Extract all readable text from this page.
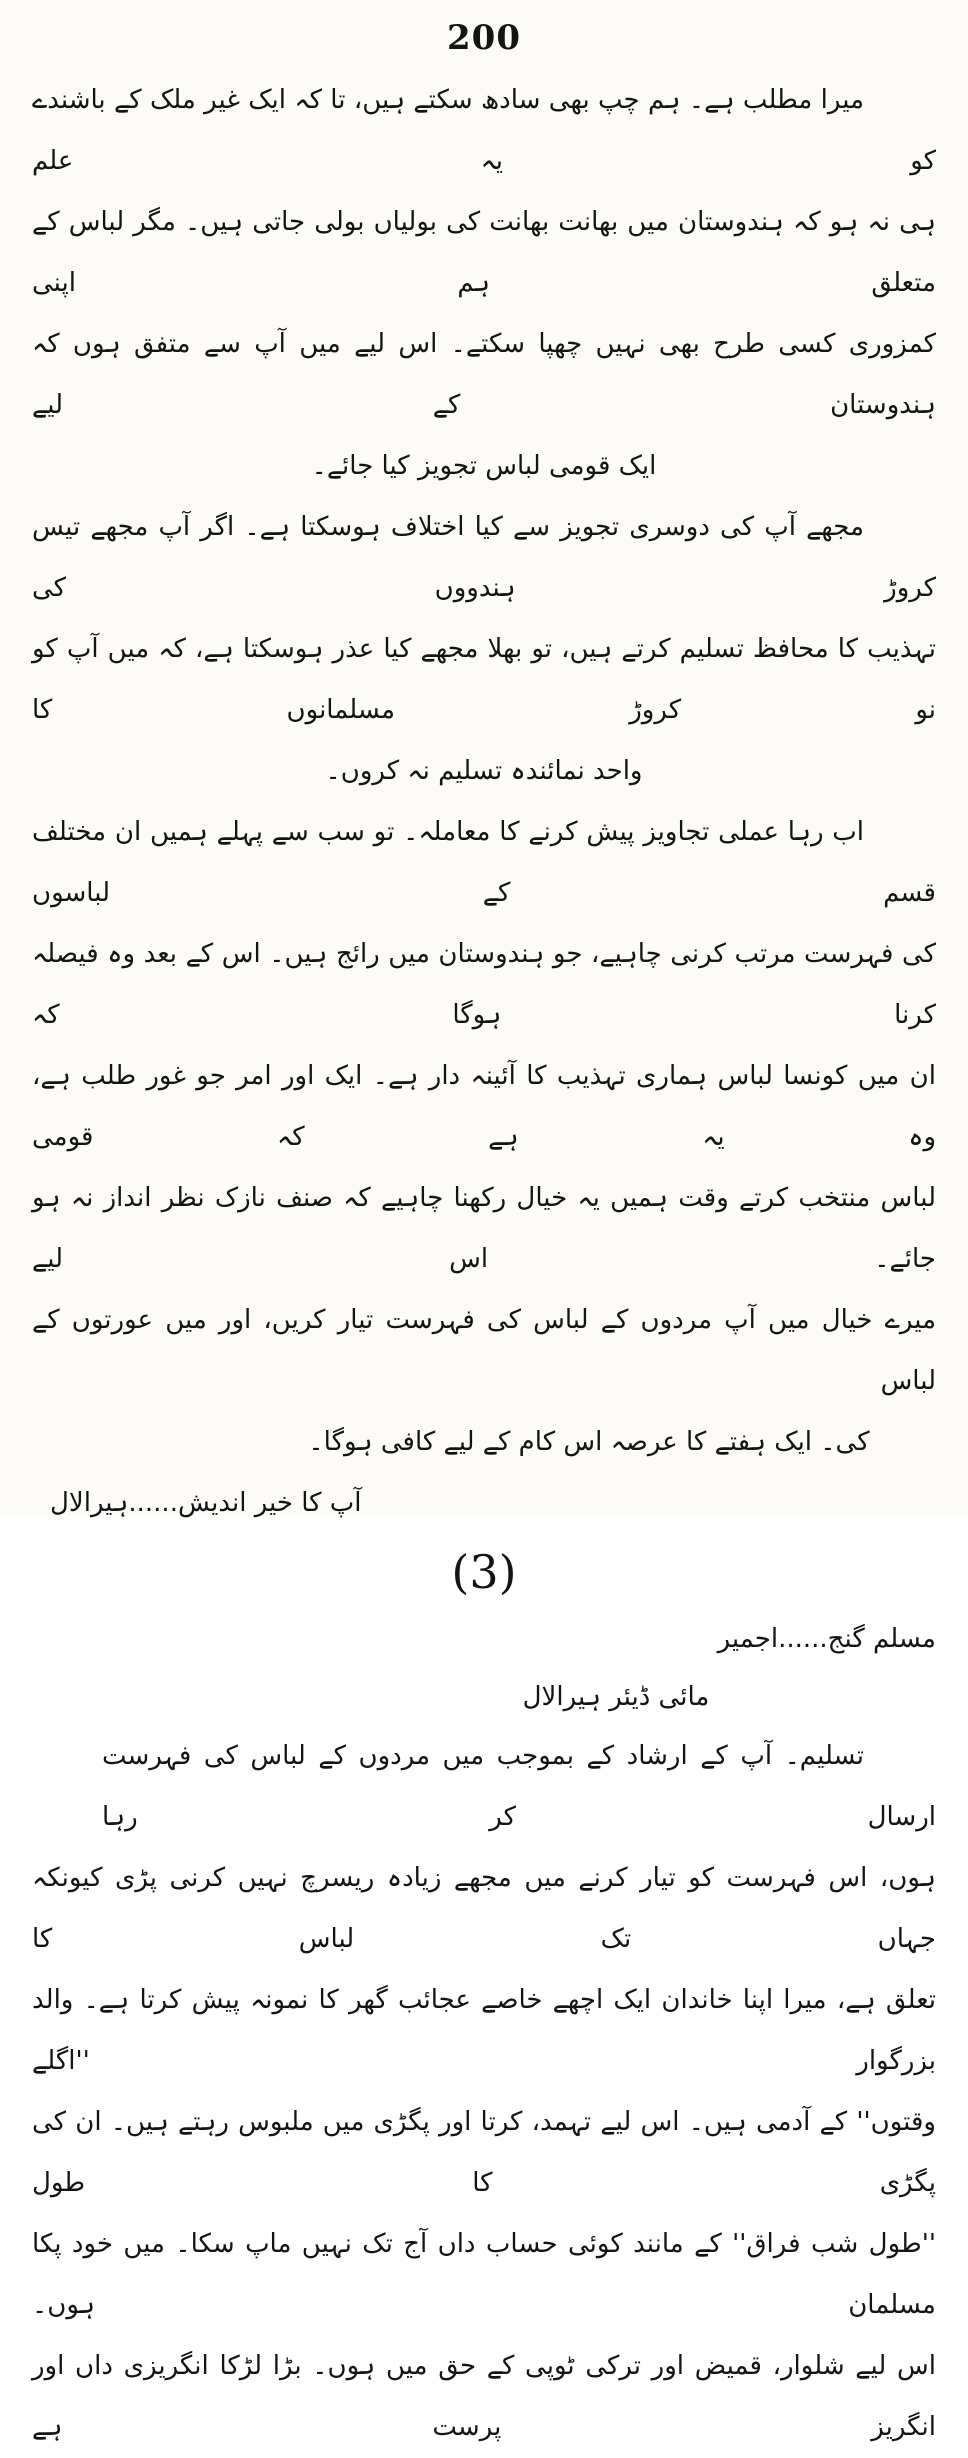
200
میرا مطلب ہے۔ ہم چپ بھی سادھ سکتے ہیں، تا کہ ایک غیر ملک کے باشندے کو یہ علم
ہی نہ ہو کہ ہندوستان میں بھانت بھانت کی بولیاں بولی جاتی ہیں۔ مگر لباس کے متعلق ہم اپنی
کمزوری کسی طرح بھی نہیں چھپا سکتے۔ اس لیے میں آپ سے متفق ہوں کہ ہندوستان کے لیے
ایک قومی لباس تجویز کیا جائے۔
مجھے آپ کی دوسری تجویز سے کیا اختلاف ہوسکتا ہے۔ اگر آپ مجھے تیس کروڑ ہندووں کی
تہذیب کا محافظ تسلیم کرتے ہیں، تو بھلا مجھے کیا عذر ہوسکتا ہے، کہ میں آپ کو نو کروڑ مسلمانوں کا
واحد نمائندہ تسلیم نہ کروں۔
اب رہا عملی تجاویز پیش کرنے کا معاملہ۔ تو سب سے پہلے ہمیں ان مختلف قسم کے لباسوں
کی فہرست مرتب کرنی چاہیے، جو ہندوستان میں رائج ہیں۔ اس کے بعد وہ فیصلہ کرنا ہوگا کہ
ان میں کونسا لباس ہماری تہذیب کا آئینہ دار ہے۔ ایک اور امر جو غور طلب ہے، وہ یہ ہے کہ قومی
لباس منتخب کرتے وقت ہمیں یہ خیال رکھنا چاہیے کہ صنف نازک نظر انداز نہ ہو جائے۔ اس لیے
میرے خیال میں آپ مردوں کے لباس کی فہرست تیار کریں، اور میں عورتوں کے لباس
کی۔ ایک ہفتے کا عرصہ اس کام کے لیے کافی ہوگا۔
آپ کا خیر اندیش......ہیرالال
(3)
مسلم گنج......اجمیر
مائی ڈیئر ہیرالال
تسلیم۔ آپ کے ارشاد کے بموجب میں مردوں کے لباس کی فہرست ارسال کر رہا
ہوں، اس فہرست کو تیار کرنے میں مجھے زیادہ ریسرچ نہیں کرنی پڑی کیونکہ جہاں تک لباس کا
تعلق ہے، میرا اپنا خاندان ایک اچھے خاصے عجائب گھر کا نمونہ پیش کرتا ہے۔ والد بزرگوار ''اگلے
وقتوں'' کے آدمی ہیں۔ اس لیے تہمد، کرتا اور پگڑی میں ملبوس رہتے ہیں۔ ان کی پگڑی کا طول
''طول شب فراق'' کے مانند کوئی حساب داں آج تک نہیں ماپ سکا۔ میں خود پکا مسلمان ہوں۔
اس لیے شلوار، قمیض اور ترکی ٹوپی کے حق میں ہوں۔ بڑا لڑکا انگریزی داں اور انگریز پرست ہے
